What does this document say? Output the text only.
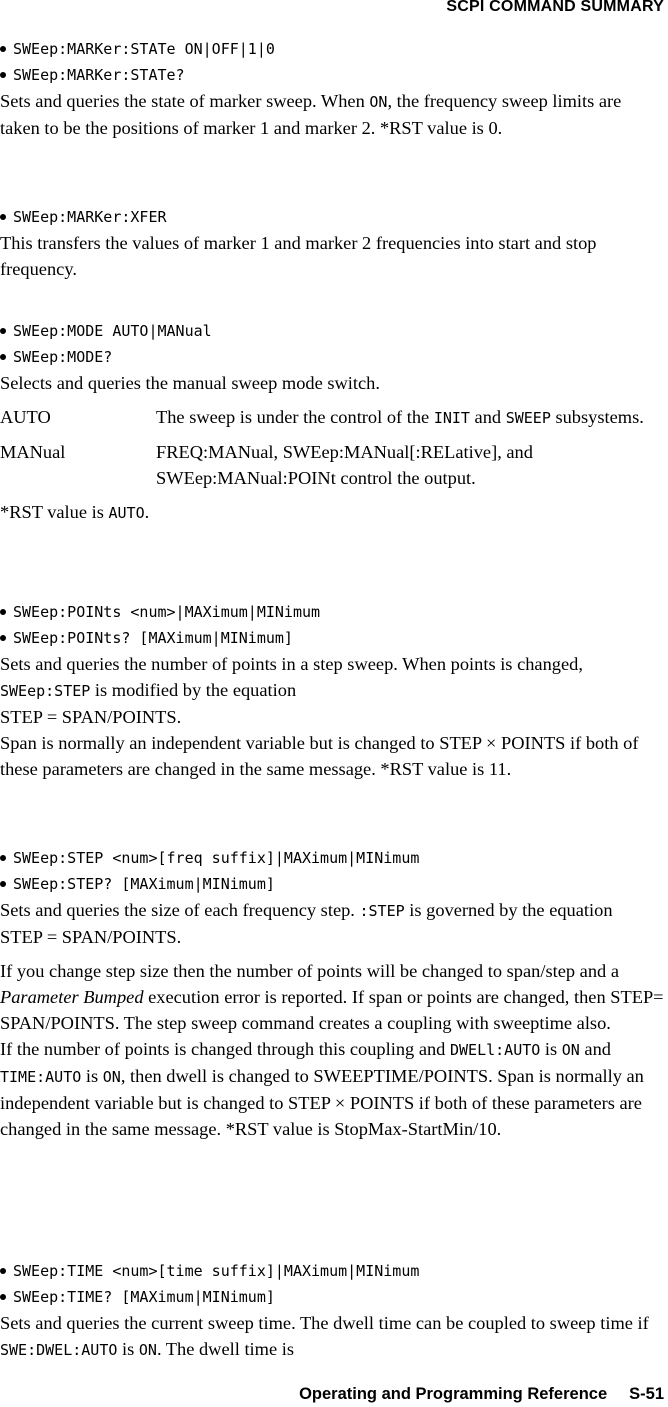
SCPI COMMAND SUMMARY
SWEep:MARKer:STATe ON|OFF|1|0
SWEep:MARKer:STATe?

Sets and queries the state of marker sweep. When ON, the frequency sweep limits are taken to be the positions of marker 1 and marker 2. *RST value is 0.

SWEep:MARKer:XFER

This transfers the values of marker 1 and marker 2 frequencies into start and stop frequency.

SWEep:MODE AUTO|MANual
SWEep:MODE?

Selects and queries the manual sweep mode switch.

AUTO	The sweep is under the control of the INIT and SWEEP subsystems.
MANual	FREQ:MANual, SWEep:MANual[:RELative], and SWEep:MANual:POINt control the output.

*RST value is AUTO.

SWEep:POINts <num>|MAXimum|MINimum
SWEep:POINts? [MAXimum|MINimum]

Sets and queries the number of points in a step sweep. When points is changed, SWEep:STEP is modified by the equation

STEP = SPAN/POINTS.

Span is normally an independent variable but is changed to STEP × POINTS if both of these parameters are changed in the same message. *RST value is 11.

SWEep:STEP <num>[freq suffix]|MAXimum|MINimum
SWEep:STEP? [MAXimum|MINimum]

Sets and queries the size of each frequency step. :STEP is governed by the equation

STEP = SPAN/POINTS.

If you change step size then the number of points will be changed to span/step and a Parameter Bumped execution error is reported. If span or points are changed, then STEP= SPAN/POINTS. The step sweep command creates a coupling with sweeptime also.

If the number of points is changed through this coupling and DWELl:AUTO is ON and TIME:AUTO is ON, then dwell is changed to SWEEPTIME/POINTS. Span is normally an independent variable but is changed to STEP × POINTS if both of these parameters are changed in the same message. *RST value is StopMax-StartMin/10.

SWEep:TIME <num>[time suffix]|MAXimum|MINimum
SWEep:TIME? [MAXimum|MINimum]

Sets and queries the current sweep time. The dwell time can be coupled to sweep time if SWE:DWEL:AUTO is ON. The dwell time is

Operating and Programming Reference S-51
